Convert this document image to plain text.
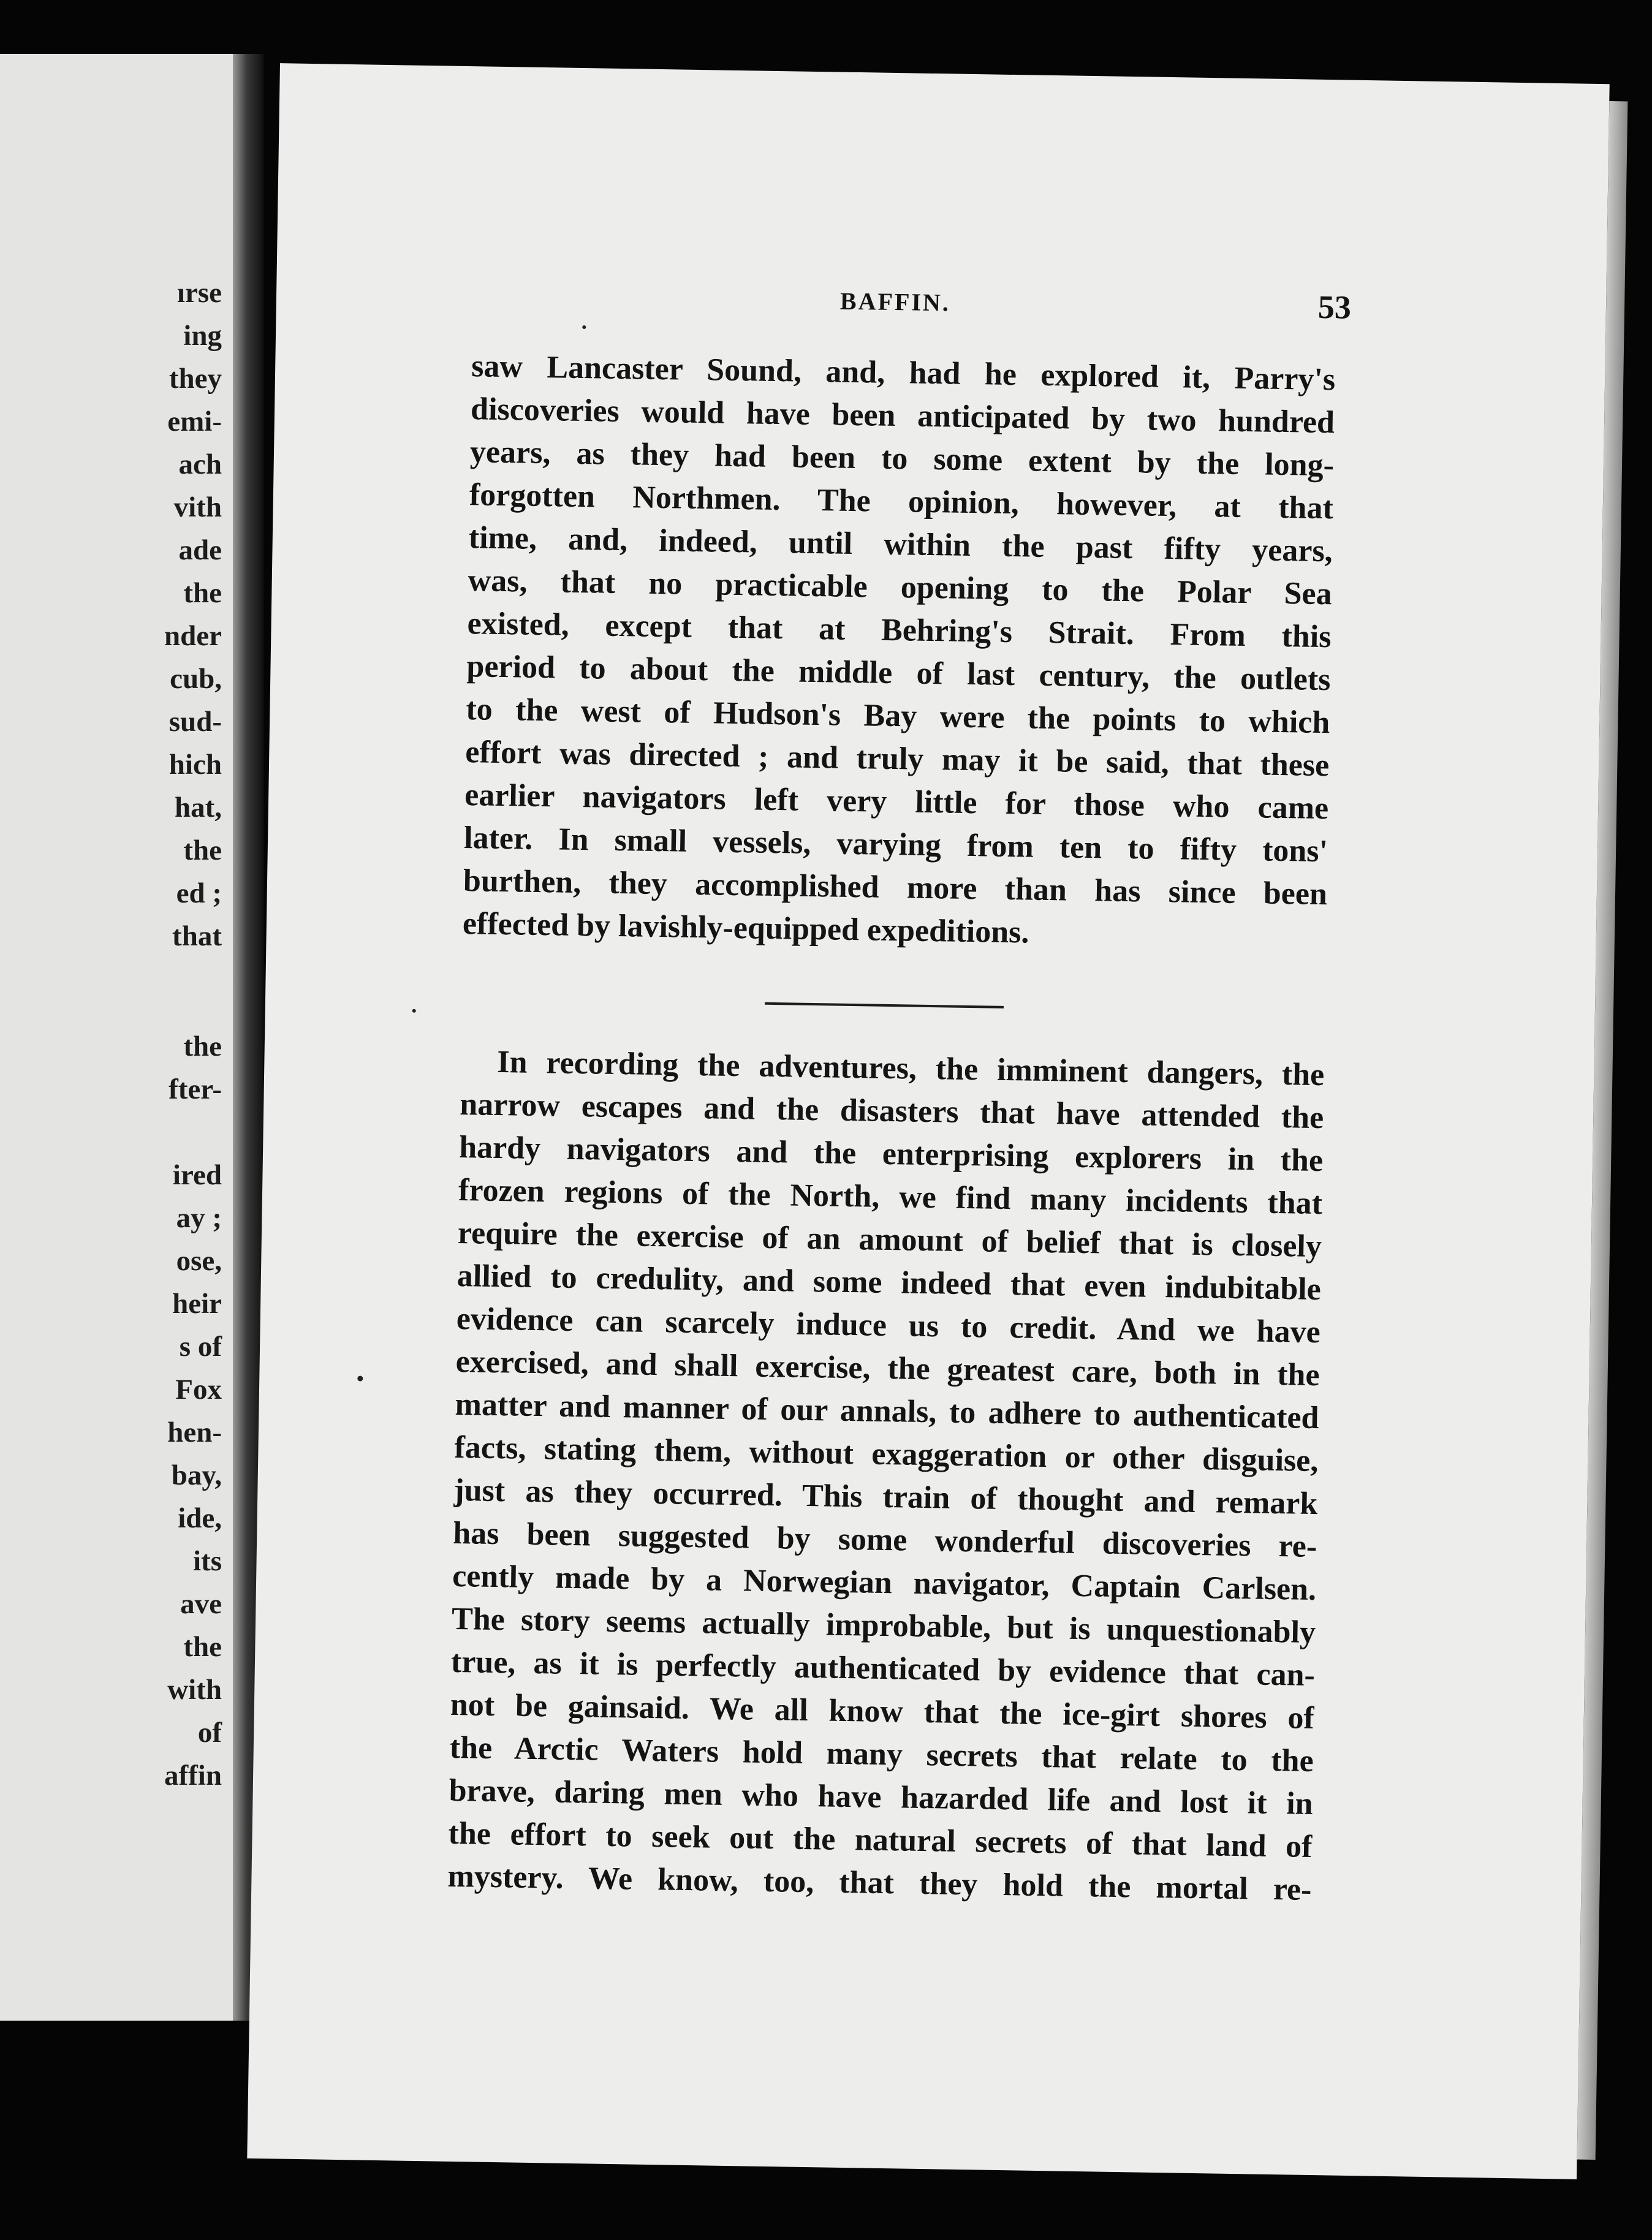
ırse
ing
they
emi-
ach
vith
ade
the
nder
cub,
sud-
hich
hat,
the
ed ;
that
the
fter-
ired
ay ;
ose,
heir
s of
Fox
hen-
bay,
ide,
its
ave
the
with
of
affin
BAFFIN.	53
saw Lancaster Sound, and, had he explored it, Parry's
discoveries would have been anticipated by two hundred
years, as they had been to some extent by the long-
forgotten Northmen. The opinion, however, at that
time, and, indeed, until within the past fifty years,
was, that no practicable opening to the Polar Sea
existed, except that at Behring's Strait. From this
period to about the middle of last century, the outlets
to the west of Hudson's Bay were the points to which
effort was directed ; and truly may it be said, that these
earlier navigators left very little for those who came
later. In small vessels, varying from ten to fifty tons'
burthen, they accomplished more than has since been
effected by lavishly-equipped expeditions.
In recording the adventures, the imminent dangers, the
narrow escapes and the disasters that have attended the
hardy navigators and the enterprising explorers in the
frozen regions of the North, we find many incidents that
require the exercise of an amount of belief that is closely
allied to credulity, and some indeed that even indubitable
evidence can scarcely induce us to credit. And we have
exercised, and shall exercise, the greatest care, both in the
matter and manner of our annals, to adhere to authenticated
facts, stating them, without exaggeration or other disguise,
just as they occurred. This train of thought and remark
has been suggested by some wonderful discoveries re-
cently made by a Norwegian navigator, Captain Carlsen.
The story seems actually improbable, but is unquestionably
true, as it is perfectly authenticated by evidence that can-
not be gainsaid. We all know that the ice-girt shores of
the Arctic Waters hold many secrets that relate to the
brave, daring men who have hazarded life and lost it in
the effort to seek out the natural secrets of that land of
mystery. We know, too, that they hold the mortal re-
